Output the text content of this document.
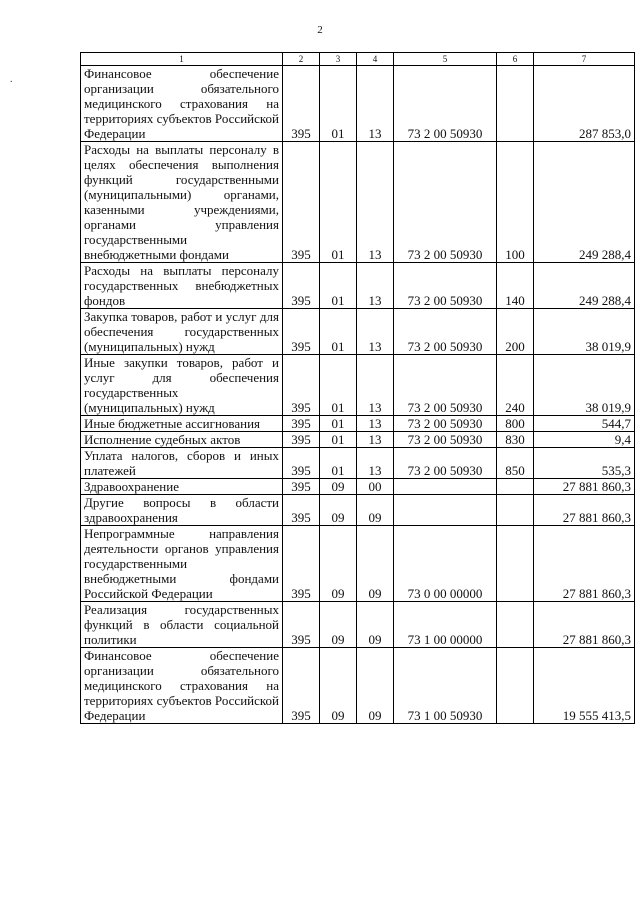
2
.
1	2	3	4	5	6	7
Финансовое обеспечение организации обязательного медицинского страхования на территориях субъектов Российской Федерации	395	01	13	73 2 00 50930		287 853,0
Расходы на выплаты персоналу в целях обеспечения выполнения функций государственными (муниципальными) органами, казенными учреждениями, органами управления государственными внебюджетными фондами	395	01	13	73 2 00 50930	100	249 288,4
Расходы на выплаты персоналу государственных внебюджетных фондов	395	01	13	73 2 00 50930	140	249 288,4
Закупка товаров, работ и услуг для обеспечения государственных (муниципальных) нужд	395	01	13	73 2 00 50930	200	38 019,9
Иные закупки товаров, работ и услуг для обеспечения государственных (муниципальных) нужд	395	01	13	73 2 00 50930	240	38 019,9
Иные бюджетные ассигнования	395	01	13	73 2 00 50930	800	544,7
Исполнение судебных актов	395	01	13	73 2 00 50930	830	9,4
Уплата налогов, сборов и иных платежей	395	01	13	73 2 00 50930	850	535,3
Здравоохранение	395	09	00			27 881 860,3
Другие вопросы в области здравоохранения	395	09	09			27 881 860,3
Непрограммные направления деятельности органов управления государственными внебюджетными фондами Российской Федерации	395	09	09	73 0 00 00000		27 881 860,3
Реализация государственных функций в области социальной политики	395	09	09	73 1 00 00000		27 881 860,3
Финансовое обеспечение организации обязательного медицинского страхования на территориях субъектов Российской Федерации	395	09	09	73 1 00 50930		19 555 413,5
